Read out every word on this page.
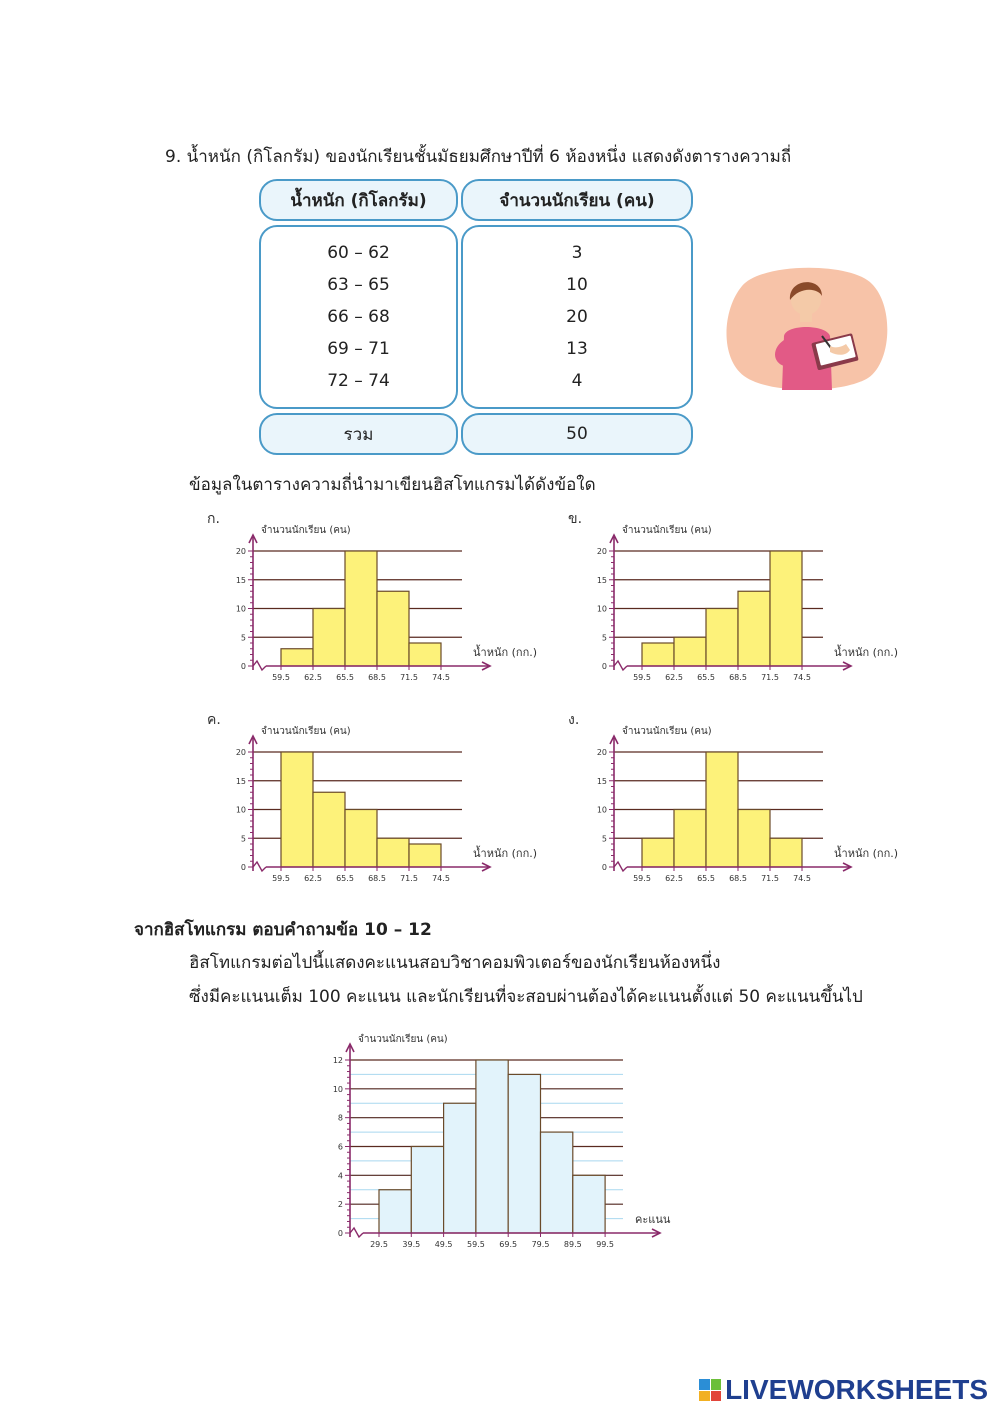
9. น้ำหนัก (กิโลกรัม) ของนักเรียนชั้นมัธยมศึกษาปีที่ 6 ห้องหนึ่ง แสดงดังตารางความถี่
น้ำหนัก (กิโลกรัม)	จำนวนนักเรียน (คน)
60 – 62
63 – 65
66 – 68
69 – 71
72 – 74
3
10
20
13
4
รวม	50
ข้อมูลในตารางความถี่นำมาเขียนฮิสโทแกรมได้ดังข้อใด
ก.
จำนวนนักเรียน (คน)
0
5
10
15
20
59.5 62.5 65.5 68.5 71.5 74.5
น้ำหนัก (กก.)
ข.
จำนวนนักเรียน (คน)
0
5
10
15
20
59.5 62.5 65.5 68.5 71.5 74.5
น้ำหนัก (กก.)
ค.
จำนวนนักเรียน (คน)
0
5
10
15
20
59.5 62.5 65.5 68.5 71.5 74.5
น้ำหนัก (กก.)
ง.
จำนวนนักเรียน (คน)
0
5
10
15
20
59.5 62.5 65.5 68.5 71.5 74.5
น้ำหนัก (กก.)
จากฮิสโทแกรม ตอบคำถามข้อ 10 – 12
ฮิสโทแกรมต่อไปนี้แสดงคะแนนสอบวิชาคอมพิวเตอร์ของนักเรียนห้องหนึ่ง
ซึ่งมีคะแนนเต็ม 100 คะแนน และนักเรียนที่จะสอบผ่านต้องได้คะแนนตั้งแต่ 50 คะแนนขึ้นไป
จำนวนนักเรียน (คน)
0
2
4
6
8
10
12
29.5 39.5 49.5 59.5 69.5 79.5 89.5 99.5
คะแนน
LIVEWORKSHEETS
